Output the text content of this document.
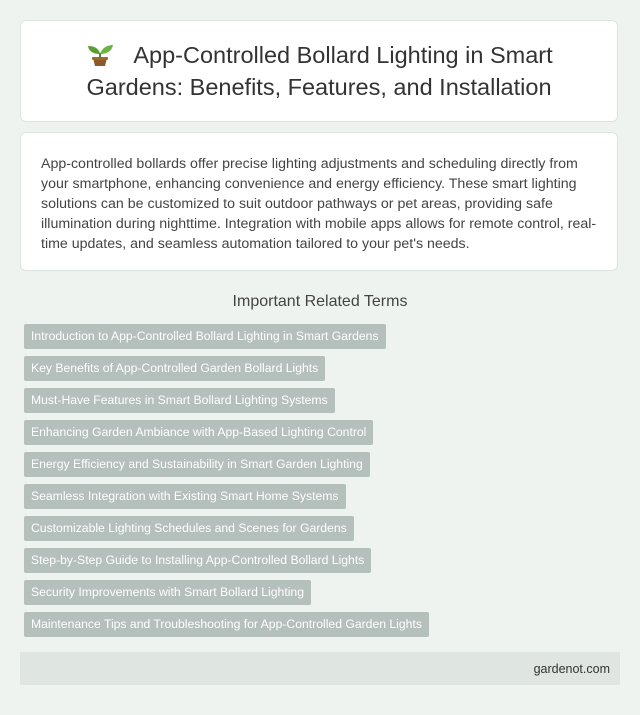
App-Controlled Bollard Lighting in Smart Gardens: Benefits, Features, and Installation

App-controlled bollards offer precise lighting adjustments and scheduling directly from your smartphone, enhancing convenience and energy efficiency. These smart lighting solutions can be customized to suit outdoor pathways or pet areas, providing safe illumination during nighttime. Integration with mobile apps allows for remote control, real-time updates, and seamless automation tailored to your pet's needs.

Important Related Terms
Introduction to App-Controlled Bollard Lighting in Smart Gardens
Key Benefits of App-Controlled Garden Bollard Lights
Must-Have Features in Smart Bollard Lighting Systems
Enhancing Garden Ambiance with App-Based Lighting Control
Energy Efficiency and Sustainability in Smart Garden Lighting
Seamless Integration with Existing Smart Home Systems
Customizable Lighting Schedules and Scenes for Gardens
Step-by-Step Guide to Installing App-Controlled Bollard Lights
Security Improvements with Smart Bollard Lighting
Maintenance Tips and Troubleshooting for App-Controlled Garden Lights
gardenot.com
